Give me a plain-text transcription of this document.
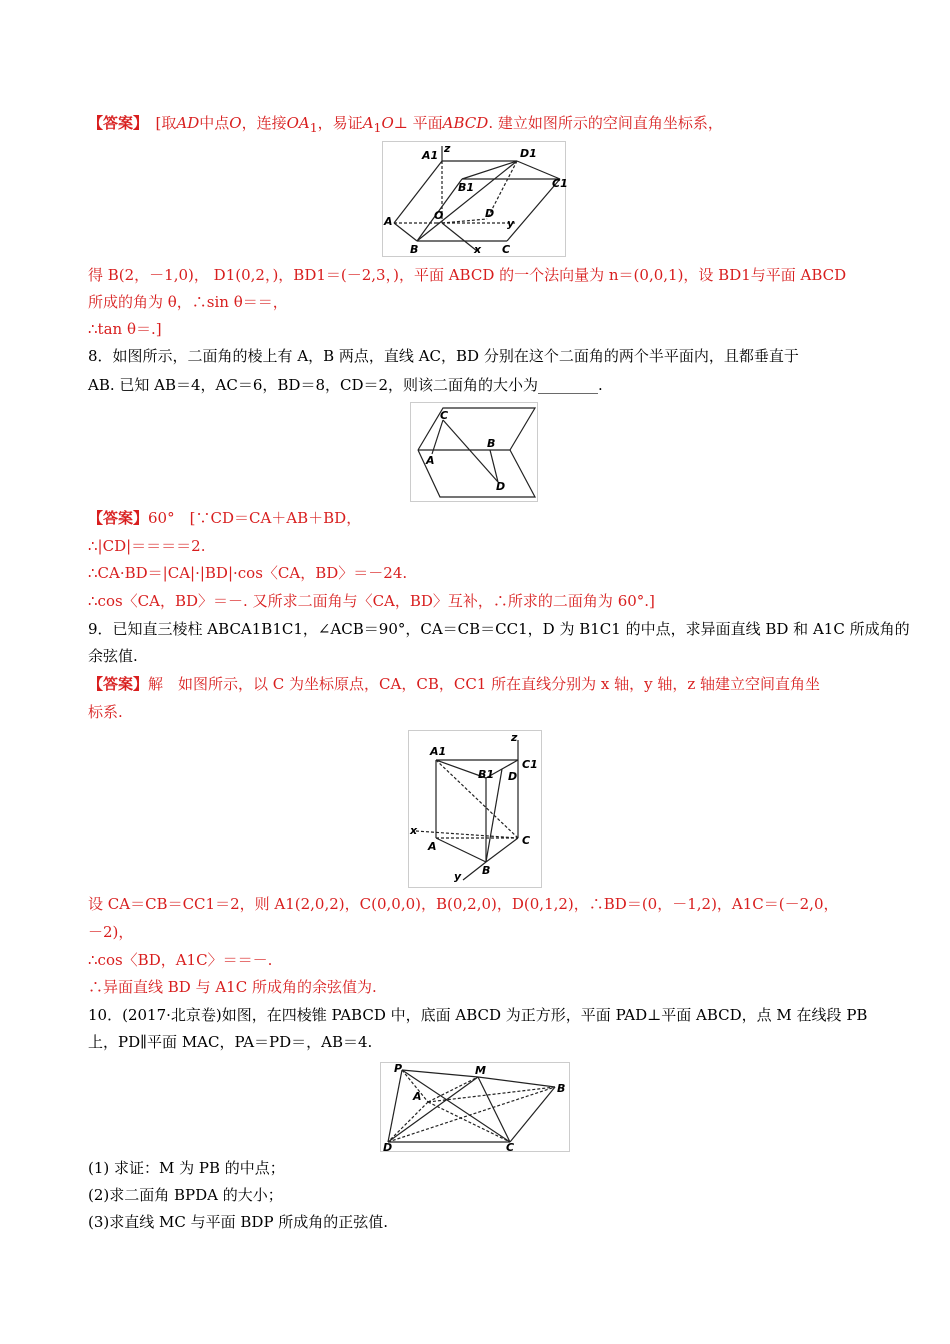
【答案】　[取AD中点O，连接$OA_1$，易证$A_1O\perp$ 平面ABCD. 建立如图所示的空间直角坐标系，
A1
z	D1
B1	C1
A	O	D
y
B	x C
得 B(2，－1,0)， D1(0,2，)，BD1＝(－2,3，)，平面 ABCD 的一个法向量为 n＝(0,0,1)，设 BD1与平面 ABCD
所成的角为 θ，∴sin θ＝＝，
∴tan θ＝.]
8．如图所示，二面角的棱上有 A，B 两点，直线 AC，BD 分别在这个二面角的两个半平面内，且都垂直于
AB. 已知 AB＝4，AC＝6，BD＝8，CD＝2，则该二面角的大小为________.
C
B
A
D
【答案】60°　 [∵CD＝CA＋AB＋BD，
∴|CD|＝＝＝＝2.
∴CA·BD＝|CA|·|BD|·cos〈CA，BD〉＝－24.
∴cos〈CA，BD〉＝－. 又所求二面角与〈CA，BD〉互补，∴所求的二面角为 60°.]
9．已知直三棱柱 ABCA1B1C1，∠ACB＝90°，CA＝CB＝CC1，D 为 B1C1 的中点，求异面直线 BD 和 A1C 所成角的
余弦值.
【答案】解　如图所示，以 C 为坐标原点，CA，CB，CC1 所在直线分别为 x 轴，y 轴，z 轴建立空间直角坐
标系.
A1
z
C1
B1 D
x
A	C
y B
设 CA＝CB＝CC1＝2，则 A1(2,0,2)，C(0,0,0)，B(0,2,0)，D(0,1,2)，∴BD＝(0，－1,2)，A1C＝(－2,0，
－2)，
∴cos〈BD，A1C〉＝＝－.
∴异面直线 BD 与 A1C 所成角的余弦值为.
10．(2017·北京卷)如图，在四棱锥 PABCD 中，底面 ABCD 为正方形，平面 PAD⊥平面 ABCD，点 M 在线段 PB
上，PD∥平面 MAC，PA＝PD＝，AB＝4.
P	M
A
B
D	C
(1) 求证：M 为 PB 的中点；
(2)求二面角 BPDA 的大小；
(3)求直线 MC 与平面 BDP 所成角的正弦值.
